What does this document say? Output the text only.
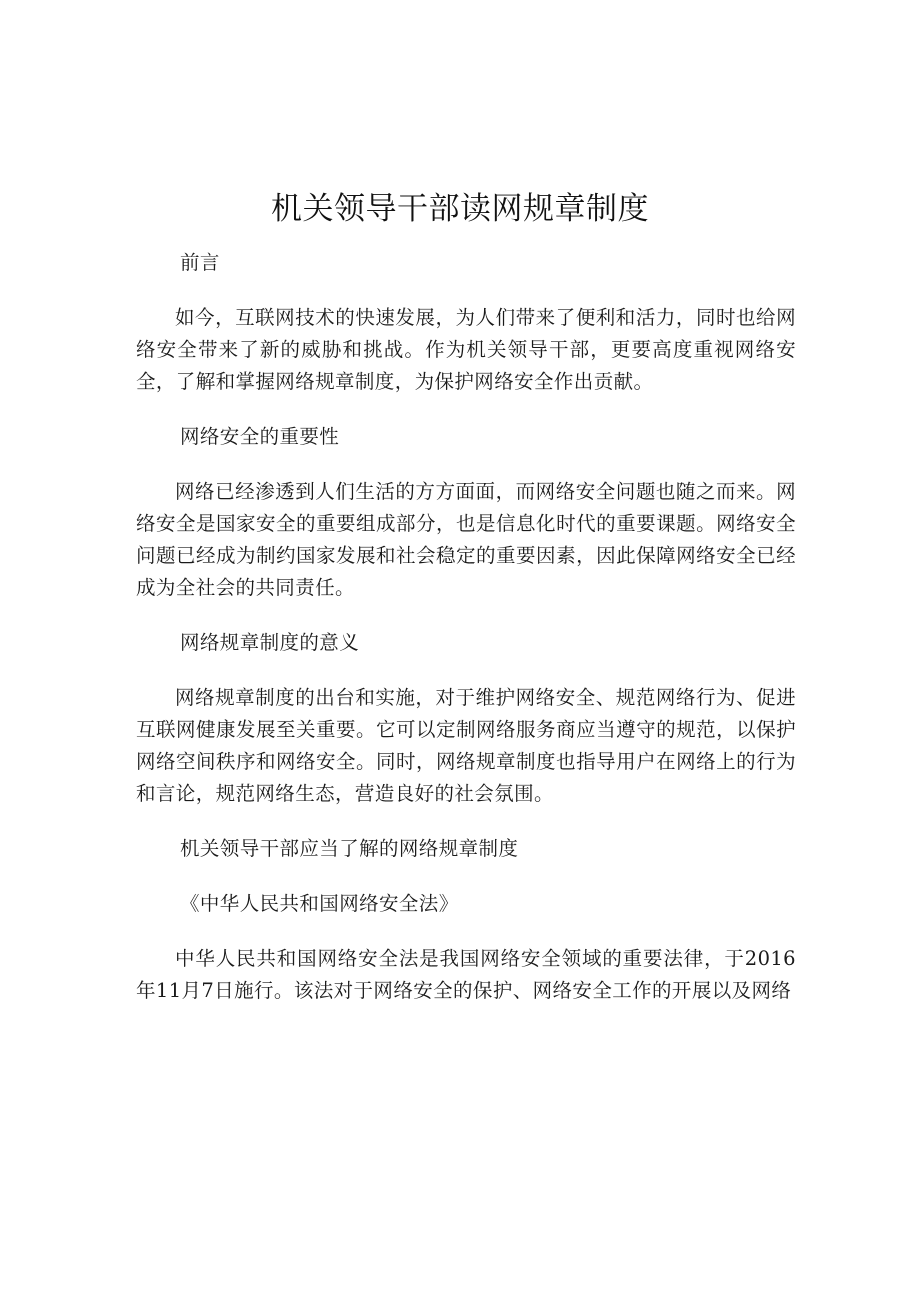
机关领导干部读网规章制度

前言

如今，互联网技术的快速发展，为人们带来了便利和活力，同时也给网络安全带来了新的威胁和挑战。作为机关领导干部，更要高度重视网络安全，了解和掌握网络规章制度，为保护网络安全作出贡献。

网络安全的重要性

网络已经渗透到人们生活的方方面面，而网络安全问题也随之而来。网络安全是国家安全的重要组成部分，也是信息化时代的重要课题。网络安全问题已经成为制约国家发展和社会稳定的重要因素，因此保障网络安全已经成为全社会的共同责任。

网络规章制度的意义

网络规章制度的出台和实施，对于维护网络安全、规范网络行为、促进互联网健康发展至关重要。它可以定制网络服务商应当遵守的规范，以保护网络空间秩序和网络安全。同时，网络规章制度也指导用户在网络上的行为和言论，规范网络生态，营造良好的社会氛围。

机关领导干部应当了解的网络规章制度

《中华人民共和国网络安全法》

中华人民共和国网络安全法是我国网络安全领域的重要法律，于2016年11月7日施行。该法对于网络安全的保护、网络安全工作的开展以及网络
